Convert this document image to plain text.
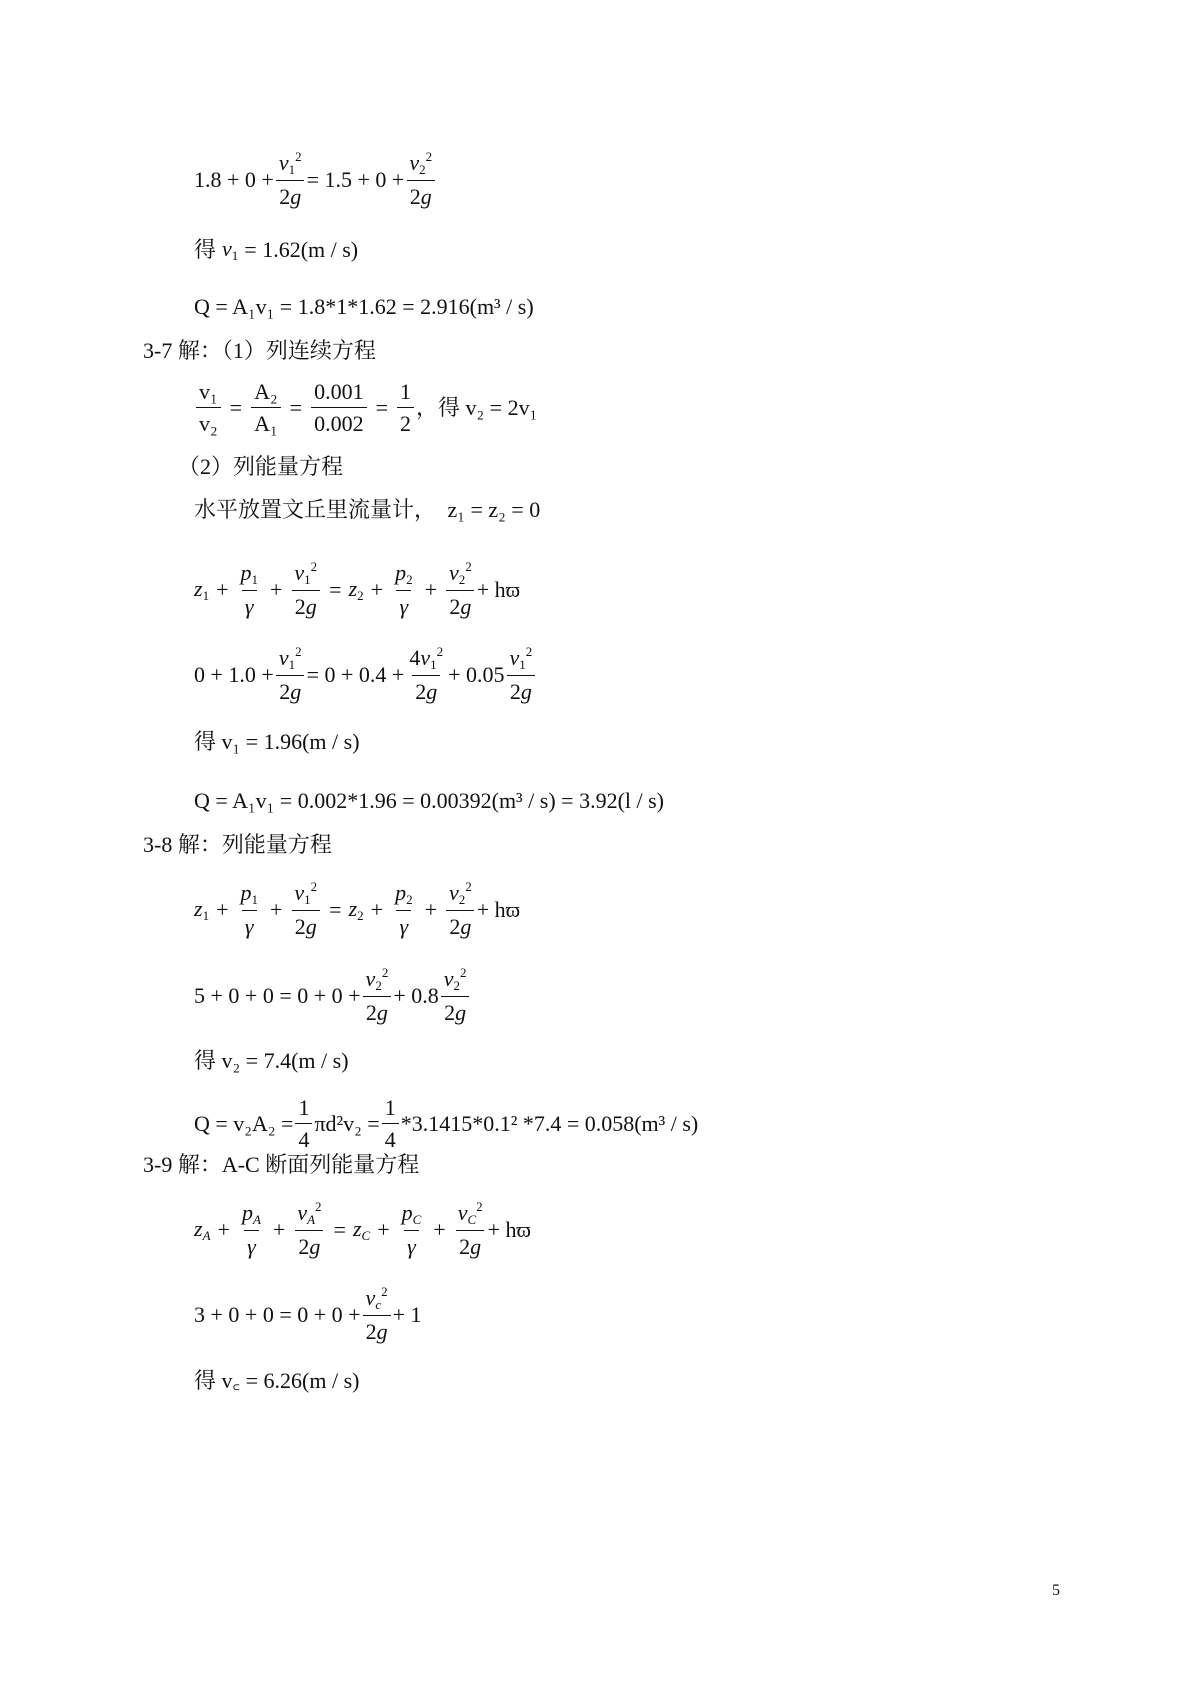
$1.8 + 0 + \frac{v_1^2}{2g} = 1.5 + 0 + \frac{v_2^2}{2g}$
得 $v_1 = 1.62(m / s)$
Q = A₁v₁ = 1.8*1*1.62 = 2.916(m³ / s)
3-7 解：（1）列连续方程
$\frac{\text{v₁}}{\text{v₂}} = \frac{\text{A₂}}{\text{A₁}} = \frac{0.001}{0.002} = \frac{1}{2}$ ，得 v₂ = 2v₁
（2）列能量方程
水平放置文丘里流量计， z₁ = z₂ = 0
$z_1 + \frac{p_1}{\gamma} + \frac{v_1^2}{2g} = z_2 + \frac{p_2}{\gamma} + \frac{v_2^2}{2g} + hϖ$
$0 + 1.0 + \frac{v_1^2}{2g} = 0 + 0.4 + \frac{4v_1^2}{2g} + 0.05 \frac{v_1^2}{2g}$
得 v₁ = 1.96(m / s)
Q = A₁v₁ = 0.002*1.96 = 0.00392(m³ / s) = 3.92(l / s)
3-8 解：列能量方程
$z_1 + \frac{p_1}{\gamma} + \frac{v_1^2}{2g} = z_2 + \frac{p_2}{\gamma} + \frac{v_2^2}{2g} + hϖ$
$5 + 0 + 0 = 0 + 0 + \frac{v_2^2}{2g} + 0.8 \frac{v_2^2}{2g}$
得 v₂ = 7.4(m / s)
$Q = v_2A_2 = \frac{1}{4} \pi d^2v_2 = \frac{1}{4} *3.1415*0.1^2$ *7.4 = 0.058(m³ / s)
3-9 解：A-C 断面列能量方程
$z_A + \frac{p_A}{\gamma} + \frac{v_A^2}{2g} = z_C + \frac{p_C}{\gamma} + \frac{v_C^2}{2g} + hϖ$
$3 + 0 + 0 = 0 + 0 + \frac{v_c^2}{2g} + 1$
得 v꜀ = 6.26(m / s)
5
